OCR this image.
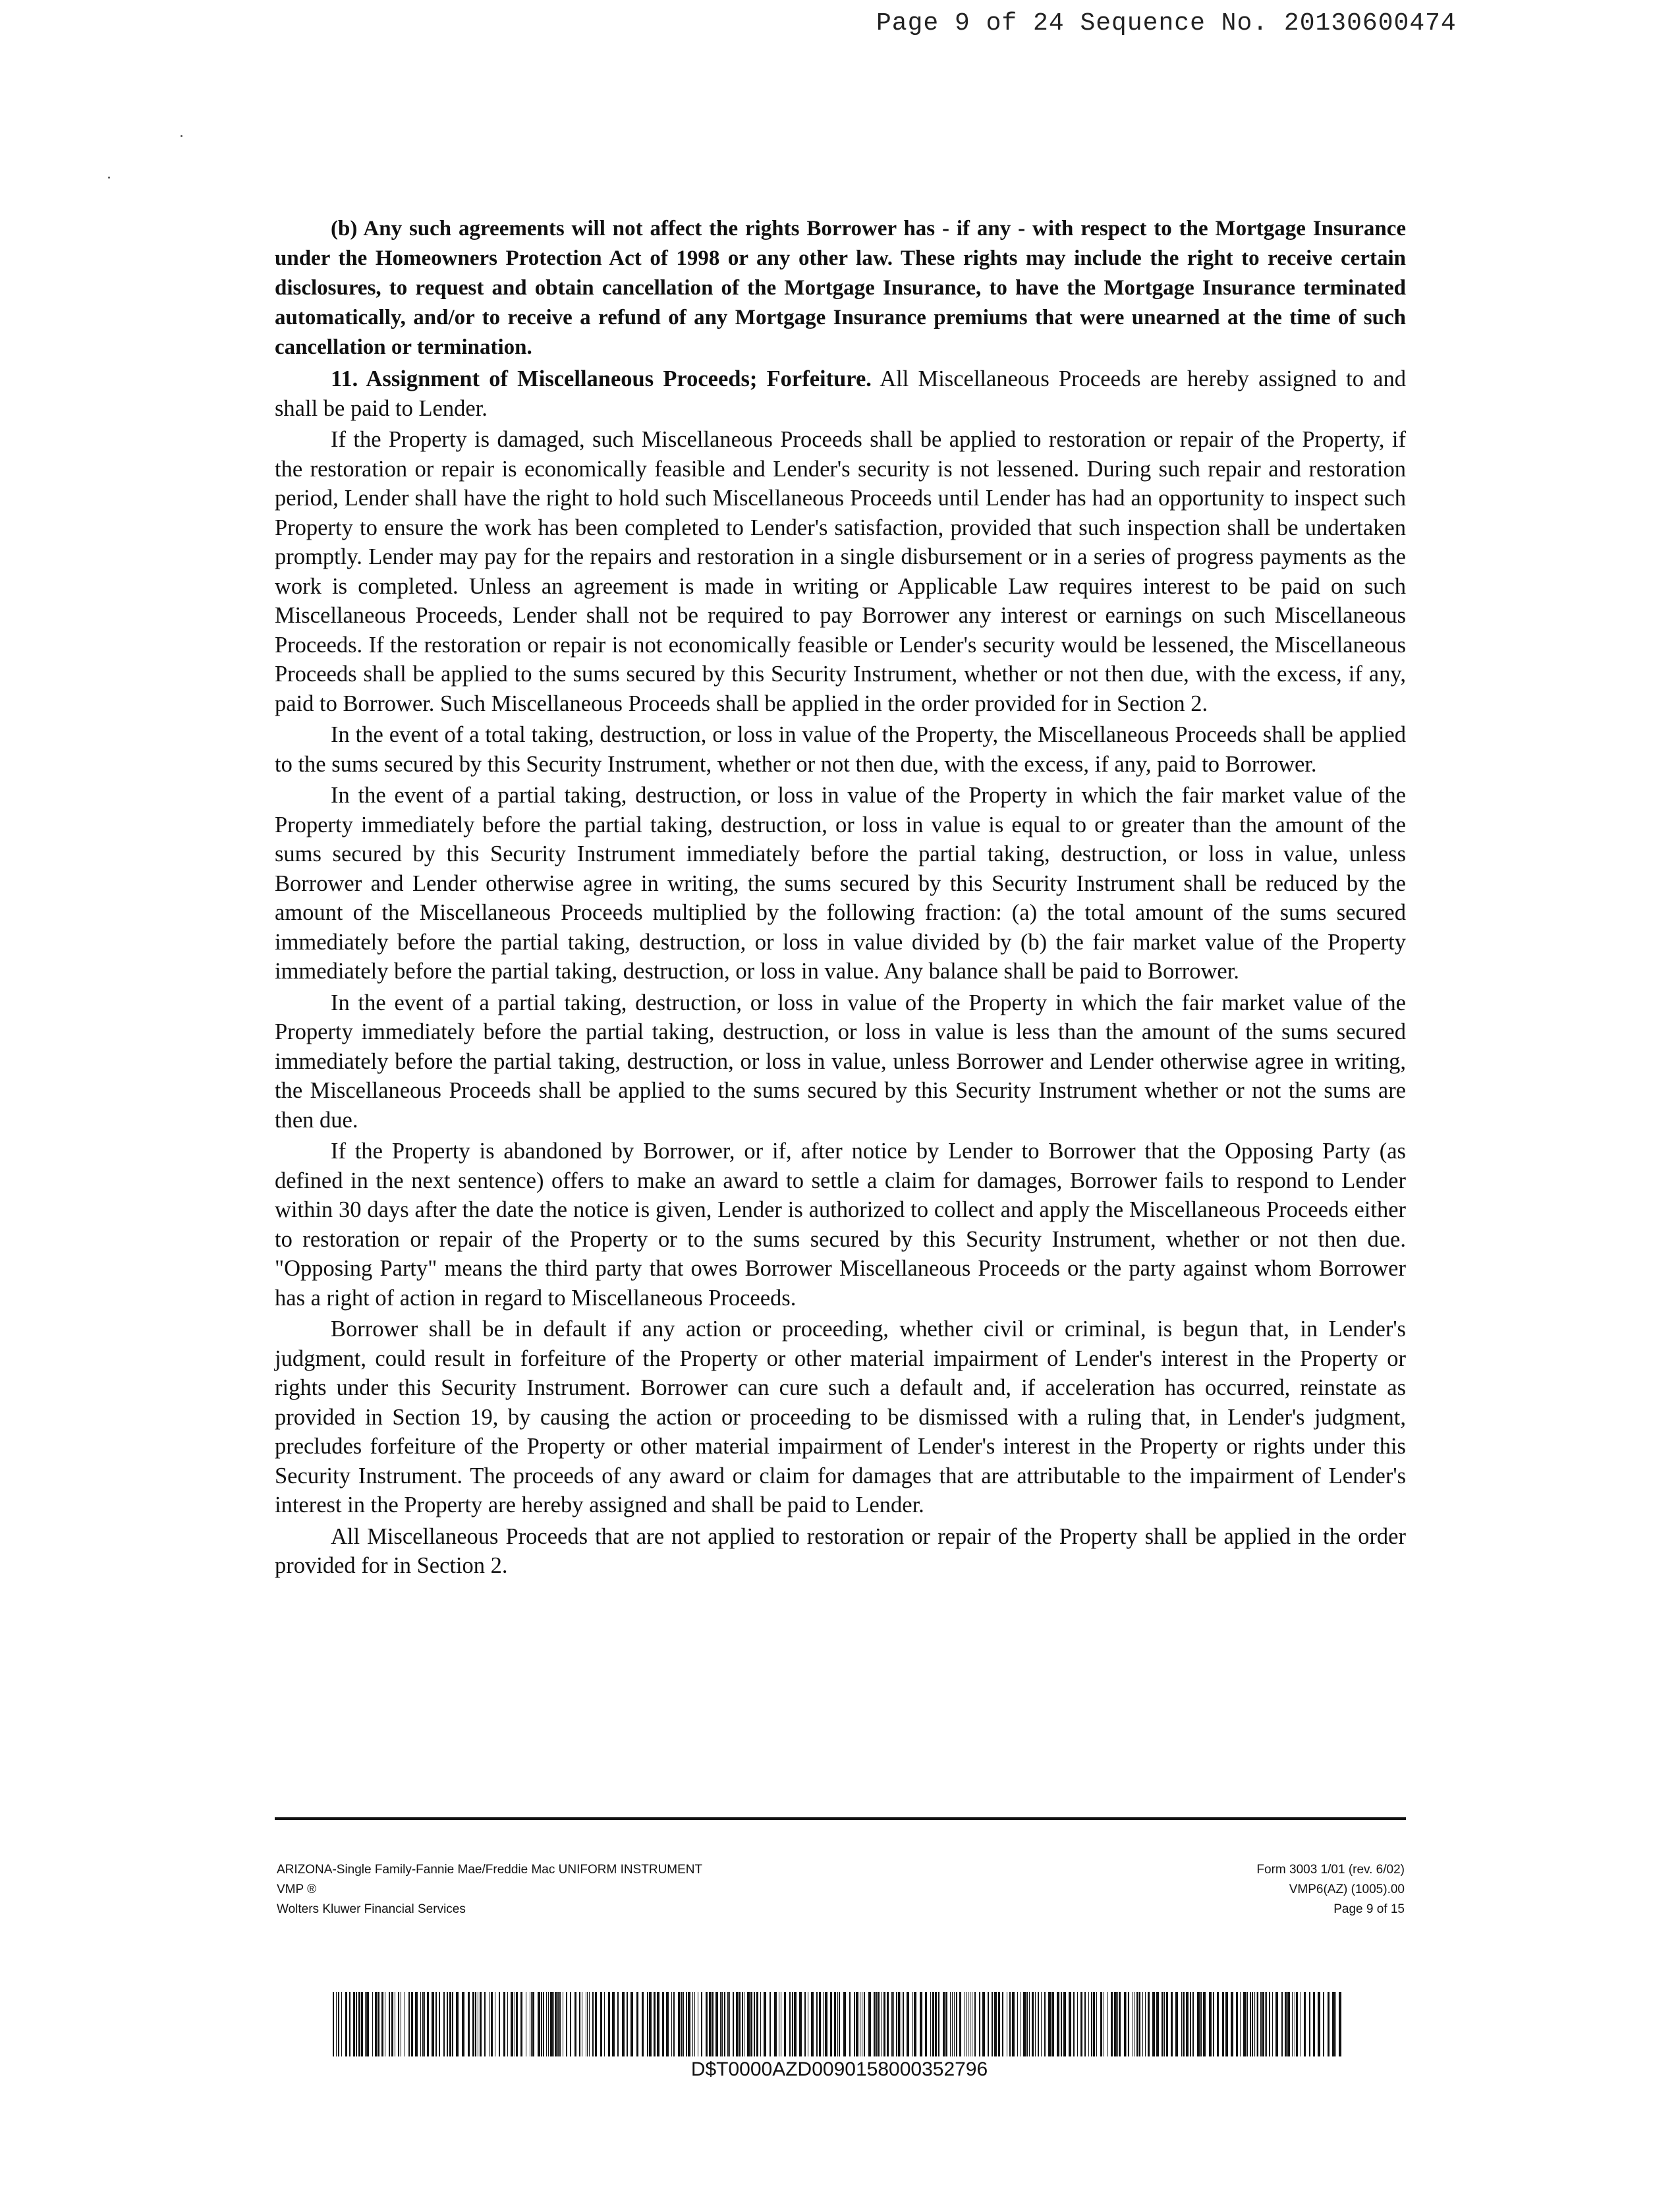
Page 9 of 24 Sequence No. 20130600474

(b) Any such agreements will not affect the rights Borrower has - if any - with respect to the Mortgage Insurance under the Homeowners Protection Act of 1998 or any other law. These rights may include the right to receive certain disclosures, to request and obtain cancellation of the Mortgage Insurance, to have the Mortgage Insurance terminated automatically, and/or to receive a refund of any Mortgage Insurance premiums that were unearned at the time of such cancellation or termination.

11. Assignment of Miscellaneous Proceeds; Forfeiture. All Miscellaneous Proceeds are hereby assigned to and shall be paid to Lender.

If the Property is damaged, such Miscellaneous Proceeds shall be applied to restoration or repair of the Property, if the restoration or repair is economically feasible and Lender's security is not lessened. During such repair and restoration period, Lender shall have the right to hold such Miscellaneous Proceeds until Lender has had an opportunity to inspect such Property to ensure the work has been completed to Lender's satisfaction, provided that such inspection shall be undertaken promptly. Lender may pay for the repairs and restoration in a single disbursement or in a series of progress payments as the work is completed. Unless an agreement is made in writing or Applicable Law requires interest to be paid on such Miscellaneous Proceeds, Lender shall not be required to pay Borrower any interest or earnings on such Miscellaneous Proceeds. If the restoration or repair is not economically feasible or Lender's security would be lessened, the Miscellaneous Proceeds shall be applied to the sums secured by this Security Instrument, whether or not then due, with the excess, if any, paid to Borrower. Such Miscellaneous Proceeds shall be applied in the order provided for in Section 2.

In the event of a total taking, destruction, or loss in value of the Property, the Miscellaneous Proceeds shall be applied to the sums secured by this Security Instrument, whether or not then due, with the excess, if any, paid to Borrower.

In the event of a partial taking, destruction, or loss in value of the Property in which the fair market value of the Property immediately before the partial taking, destruction, or loss in value is equal to or greater than the amount of the sums secured by this Security Instrument immediately before the partial taking, destruction, or loss in value, unless Borrower and Lender otherwise agree in writing, the sums secured by this Security Instrument shall be reduced by the amount of the Miscellaneous Proceeds multiplied by the following fraction: (a) the total amount of the sums secured immediately before the partial taking, destruction, or loss in value divided by (b) the fair market value of the Property immediately before the partial taking, destruction, or loss in value. Any balance shall be paid to Borrower.

In the event of a partial taking, destruction, or loss in value of the Property in which the fair market value of the Property immediately before the partial taking, destruction, or loss in value is less than the amount of the sums secured immediately before the partial taking, destruction, or loss in value, unless Borrower and Lender otherwise agree in writing, the Miscellaneous Proceeds shall be applied to the sums secured by this Security Instrument whether or not the sums are then due.

If the Property is abandoned by Borrower, or if, after notice by Lender to Borrower that the Opposing Party (as defined in the next sentence) offers to make an award to settle a claim for damages, Borrower fails to respond to Lender within 30 days after the date the notice is given, Lender is authorized to collect and apply the Miscellaneous Proceeds either to restoration or repair of the Property or to the sums secured by this Security Instrument, whether or not then due. "Opposing Party" means the third party that owes Borrower Miscellaneous Proceeds or the party against whom Borrower has a right of action in regard to Miscellaneous Proceeds.

Borrower shall be in default if any action or proceeding, whether civil or criminal, is begun that, in Lender's judgment, could result in forfeiture of the Property or other material impairment of Lender's interest in the Property or rights under this Security Instrument. Borrower can cure such a default and, if acceleration has occurred, reinstate as provided in Section 19, by causing the action or proceeding to be dismissed with a ruling that, in Lender's judgment, precludes forfeiture of the Property or other material impairment of Lender's interest in the Property or rights under this Security Instrument. The proceeds of any award or claim for damages that are attributable to the impairment of Lender's interest in the Property are hereby assigned and shall be paid to Lender.

All Miscellaneous Proceeds that are not applied to restoration or repair of the Property shall be applied in the order provided for in Section 2.

ARIZONA-Single Family-Fannie Mae/Freddie Mac UNIFORM INSTRUMENT
VMP ®
Wolters Kluwer Financial Services
Form 3003 1/01 (rev. 6/02)
VMP6(AZ) (1005).00
Page 9 of 15
D$T0000AZD0090158000352796
